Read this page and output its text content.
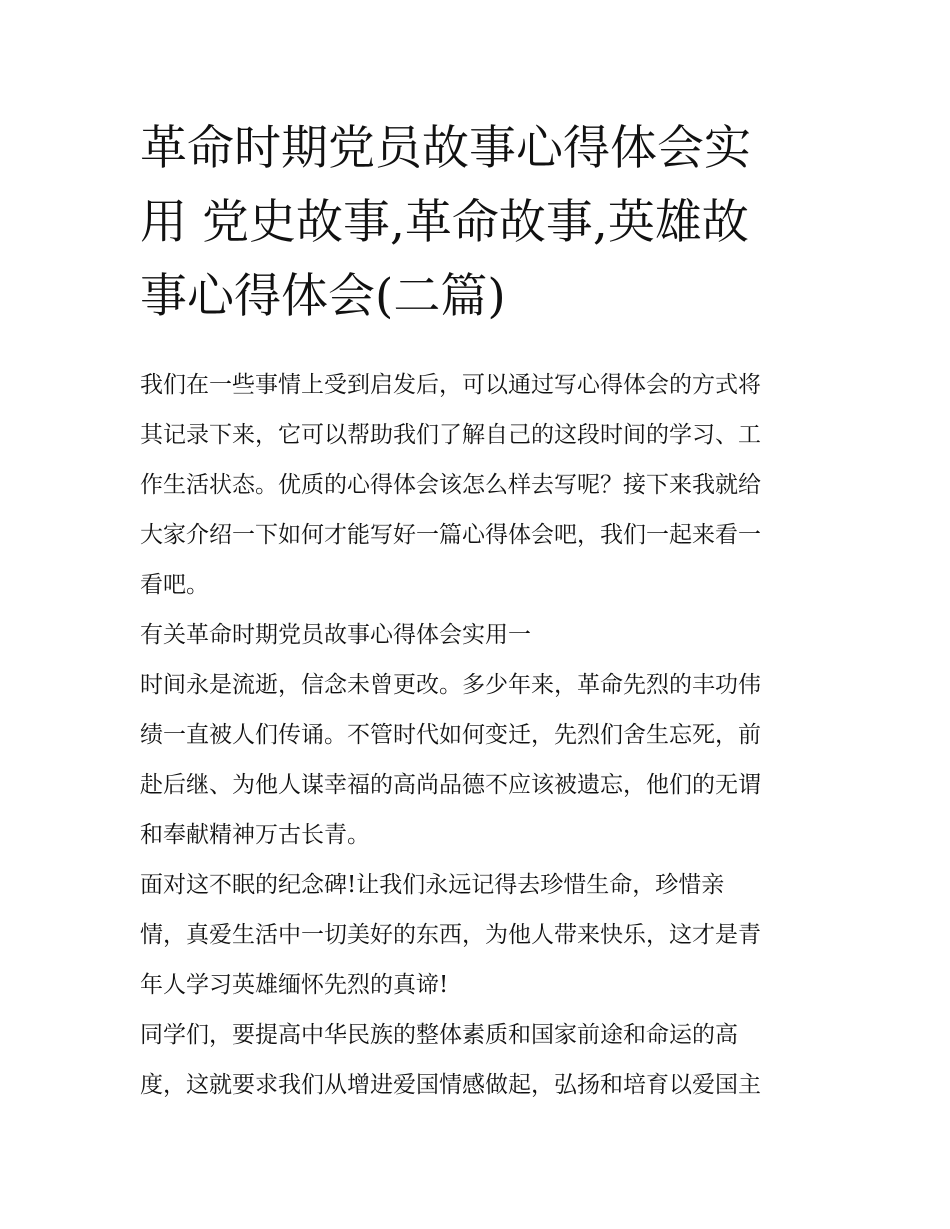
革命时期党员故事心得体会实
用 党史故事,革命故事,英雄故
事心得体会(二篇)
我们在一些事情上受到启发后，可以通过写心得体会的方式将
其记录下来，它可以帮助我们了解自己的这段时间的学习、工
作生活状态。优质的心得体会该怎么样去写呢？接下来我就给
大家介绍一下如何才能写好一篇心得体会吧，我们一起来看一
看吧。
有关革命时期党员故事心得体会实用一
时间永是流逝，信念未曾更改。多少年来，革命先烈的丰功伟
绩一直被人们传诵。不管时代如何变迁，先烈们舍生忘死，前
赴后继、为他人谋幸福的高尚品德不应该被遗忘，他们的无谓
和奉献精神万古长青。
面对这不眠的纪念碑!让我们永远记得去珍惜生命，珍惜亲
情，真爱生活中一切美好的东西，为他人带来快乐，这才是青
年人学习英雄缅怀先烈的真谛!
同学们，要提高中华民族的整体素质和国家前途和命运的高
度，这就要求我们从增进爱国情感做起，弘扬和培育以爱国主
